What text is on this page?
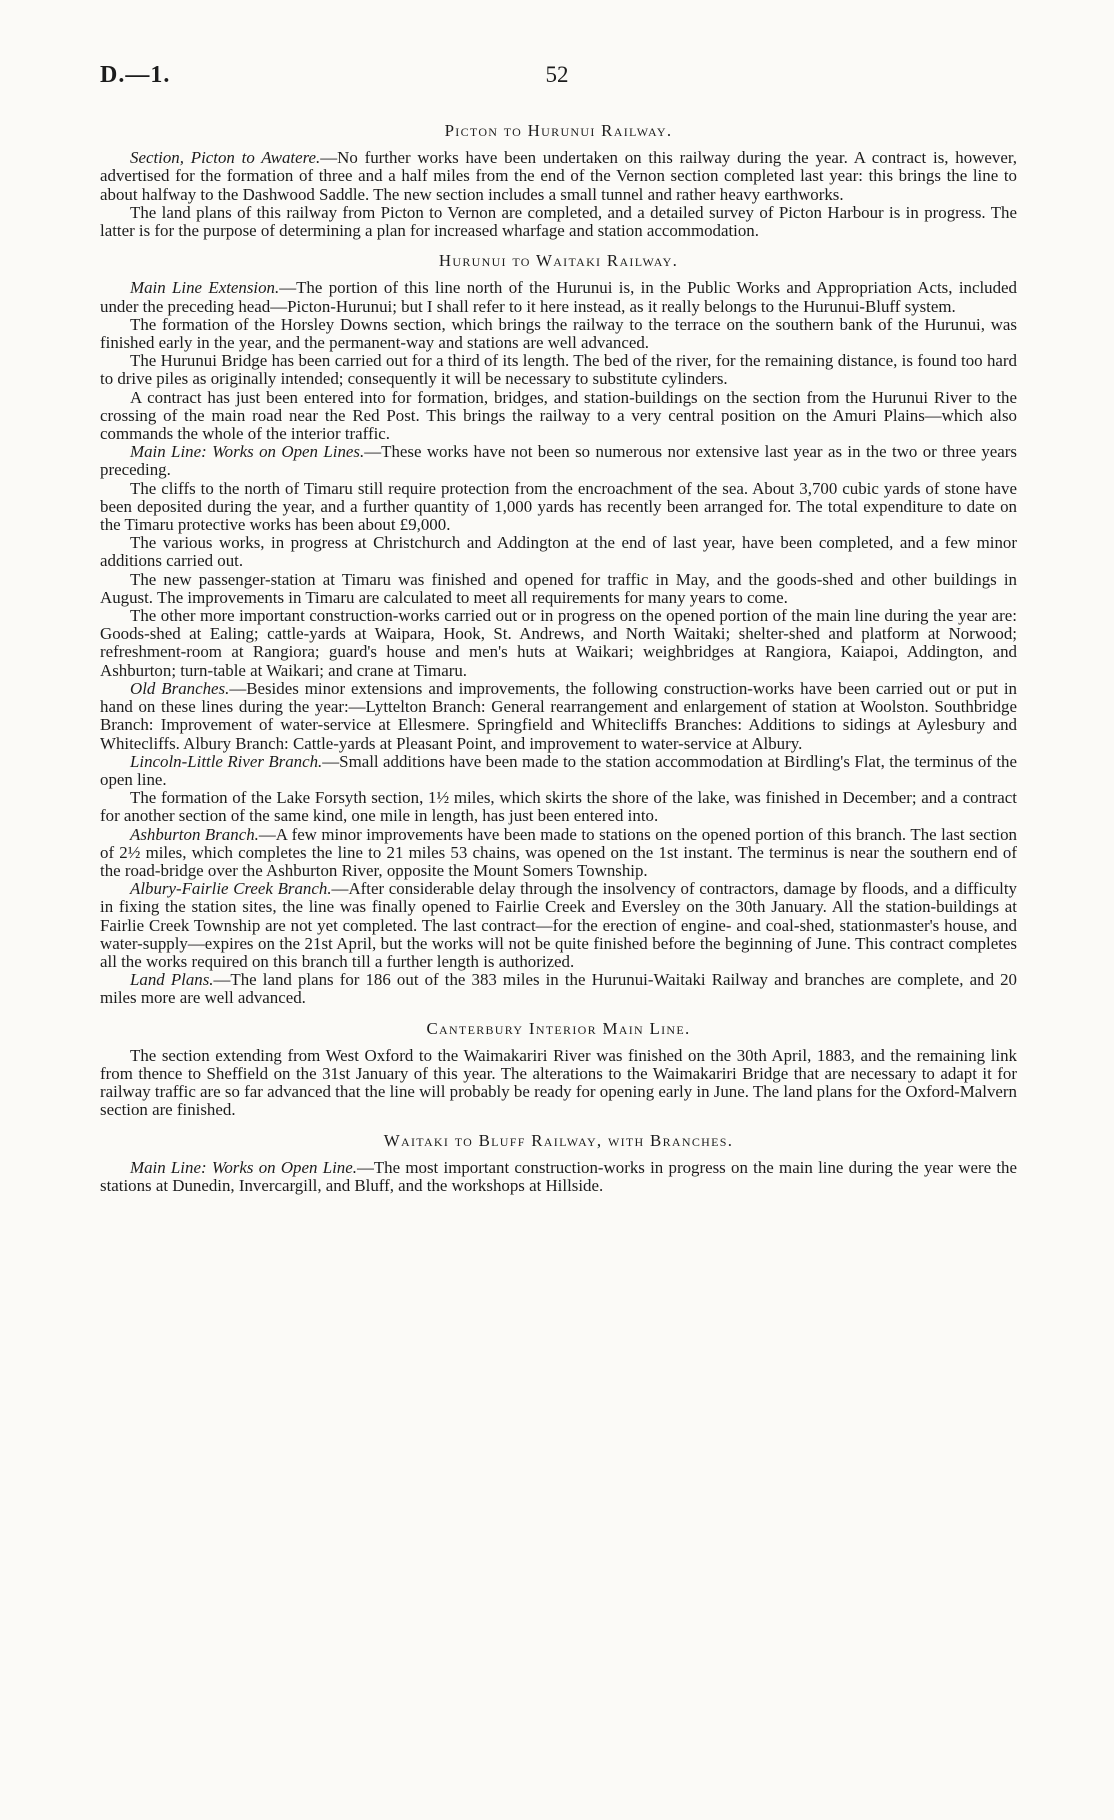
D.—1.	52
Picton to Hurunui Railway.

Section, Picton to Awatere.—No further works have been undertaken on this railway during the year. A contract is, however, advertised for the formation of three and a half miles from the end of the Vernon section completed last year: this brings the line to about halfway to the Dashwood Saddle. The new section includes a small tunnel and rather heavy earthworks.

The land plans of this railway from Picton to Vernon are completed, and a detailed survey of Picton Harbour is in progress. The latter is for the purpose of determining a plan for increased wharfage and station accommodation.

Hurunui to Waitaki Railway.

Main Line Extension.—The portion of this line north of the Hurunui is, in the Public Works and Appropriation Acts, included under the preceding head—Picton-Hurunui; but I shall refer to it here instead, as it really belongs to the Hurunui-Bluff system.

The formation of the Horsley Downs section, which brings the railway to the terrace on the southern bank of the Hurunui, was finished early in the year, and the permanent-way and stations are well advanced.

The Hurunui Bridge has been carried out for a third of its length. The bed of the river, for the remaining distance, is found too hard to drive piles as originally intended; consequently it will be necessary to substitute cylinders.

A contract has just been entered into for formation, bridges, and station-buildings on the section from the Hurunui River to the crossing of the main road near the Red Post. This brings the railway to a very central position on the Amuri Plains—which also commands the whole of the interior traffic.

Main Line: Works on Open Lines.—These works have not been so numerous nor extensive last year as in the two or three years preceding.

The cliffs to the north of Timaru still require protection from the encroachment of the sea. About 3,700 cubic yards of stone have been deposited during the year, and a further quantity of 1,000 yards has recently been arranged for. The total expenditure to date on the Timaru protective works has been about £9,000.

The various works, in progress at Christchurch and Addington at the end of last year, have been completed, and a few minor additions carried out.

The new passenger-station at Timaru was finished and opened for traffic in May, and the goods-shed and other buildings in August. The improvements in Timaru are calculated to meet all requirements for many years to come.

The other more important construction-works carried out or in progress on the opened portion of the main line during the year are: Goods-shed at Ealing; cattle-yards at Waipara, Hook, St. Andrews, and North Waitaki; shelter-shed and platform at Norwood; refreshment-room at Rangiora; guard's house and men's huts at Waikari; weighbridges at Rangiora, Kaiapoi, Addington, and Ashburton; turn-table at Waikari; and crane at Timaru.

Old Branches.—Besides minor extensions and improvements, the following construction-works have been carried out or put in hand on these lines during the year:—Lyttelton Branch: General rearrangement and enlargement of station at Woolston. Southbridge Branch: Improvement of water-service at Ellesmere. Springfield and Whitecliffs Branches: Additions to sidings at Aylesbury and Whitecliffs. Albury Branch: Cattle-yards at Pleasant Point, and improvement to water-service at Albury.

Lincoln-Little River Branch.—Small additions have been made to the station accommodation at Birdling's Flat, the terminus of the open line.

The formation of the Lake Forsyth section, 1½ miles, which skirts the shore of the lake, was finished in December; and a contract for another section of the same kind, one mile in length, has just been entered into.

Ashburton Branch.—A few minor improvements have been made to stations on the opened portion of this branch. The last section of 2½ miles, which completes the line to 21 miles 53 chains, was opened on the 1st instant. The terminus is near the southern end of the road-bridge over the Ashburton River, opposite the Mount Somers Township.

Albury-Fairlie Creek Branch.—After considerable delay through the insolvency of contractors, damage by floods, and a difficulty in fixing the station sites, the line was finally opened to Fairlie Creek and Eversley on the 30th January. All the station-buildings at Fairlie Creek Township are not yet completed. The last contract—for the erection of engine- and coal-shed, stationmaster's house, and water-supply—expires on the 21st April, but the works will not be quite finished before the beginning of June. This contract completes all the works required on this branch till a further length is authorized.

Land Plans.—The land plans for 186 out of the 383 miles in the Hurunui-Waitaki Railway and branches are complete, and 20 miles more are well advanced.

Canterbury Interior Main Line.

The section extending from West Oxford to the Waimakariri River was finished on the 30th April, 1883, and the remaining link from thence to Sheffield on the 31st January of this year. The alterations to the Waimakariri Bridge that are necessary to adapt it for railway traffic are so far advanced that the line will probably be ready for opening early in June. The land plans for the Oxford-Malvern section are finished.

Waitaki to Bluff Railway, with Branches.

Main Line: Works on Open Line.—The most important construction-works in progress on the main line during the year were the stations at Dunedin, Invercargill, and Bluff, and the workshops at Hillside.
